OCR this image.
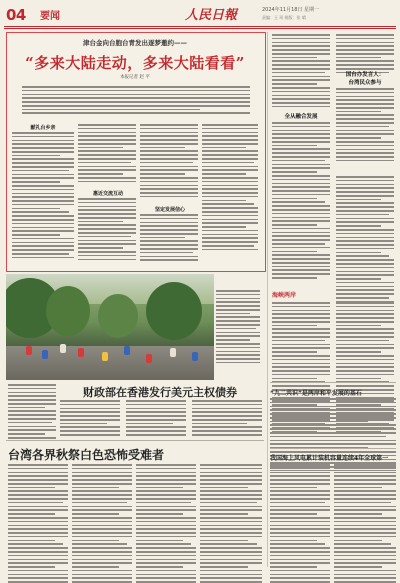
04 要闻	人民日報	2024年11月18日 星期一
责编：王 珂 排版：张 晴
津台金向台胞台青发出逐梦邀约——
“多来大陆走动，多来大陆看看”
本报记者 赵 平
献礼台乡亲
惠近交流互动
坚定发展信心
国台办发言人：
台湾民众参与
全从融合发展
海峡两岸
财政部在香港发行美元主权债券
台湾各界秋祭白色恐怖受难者
“九二共识”是两岸和平发展的基石
我国海上风电累计装机容量连续4年全球第一
